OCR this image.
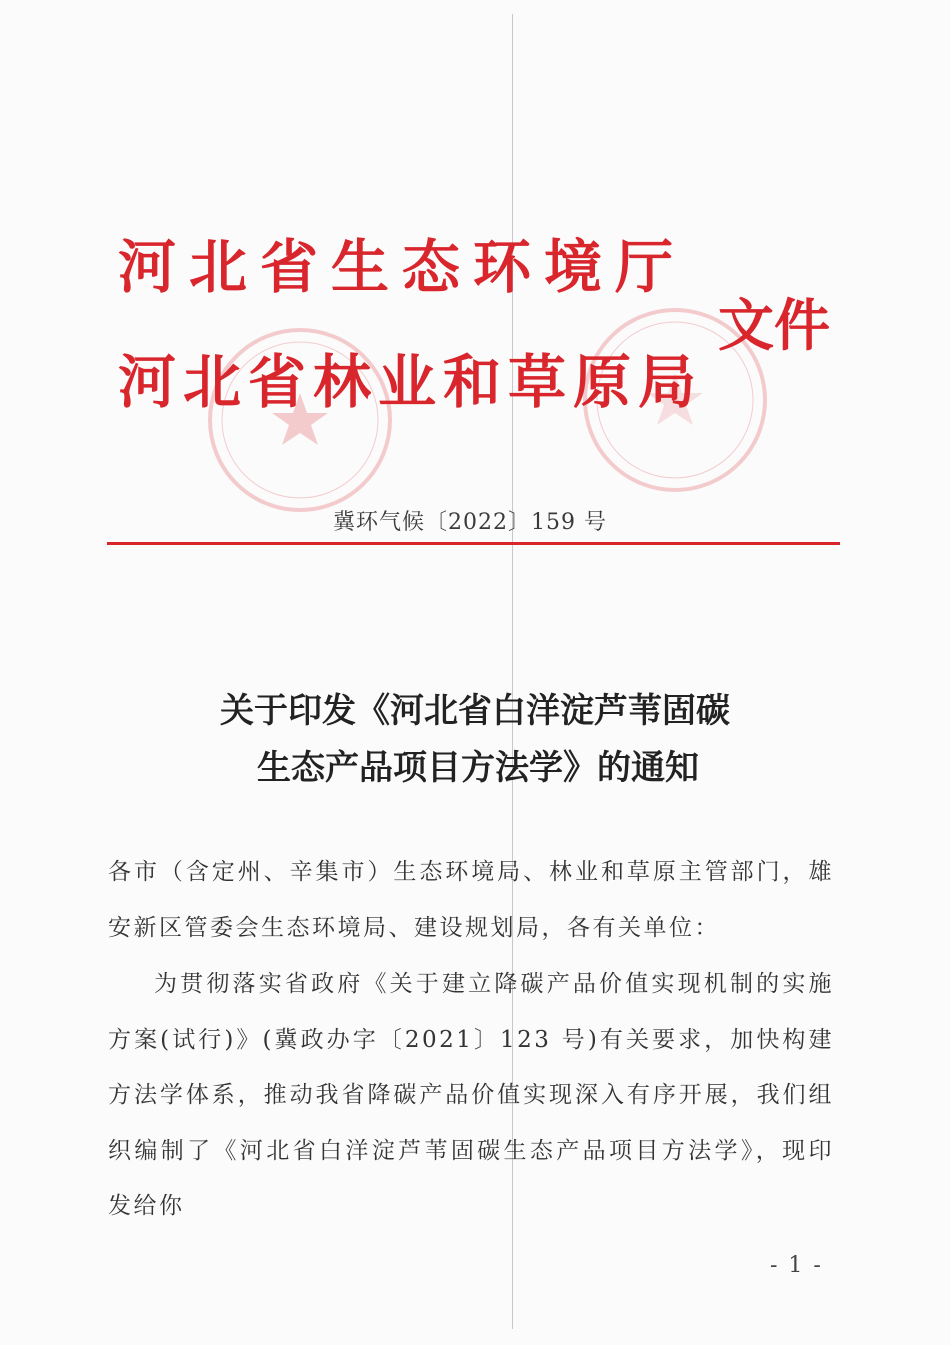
河北省生态环境厅
河北省林业和草原局
文件
冀环气候〔2022〕159 号
关于印发《河北省白洋淀芦苇固碳
生态产品项目方法学》的通知
各市（含定州、辛集市）生态环境局、林业和草原主管部门，雄安新区管委会生态环境局、建设规划局，各有关单位：
为贯彻落实省政府《关于建立降碳产品价值实现机制的实施方案(试行)》(冀政办字〔2021〕123 号)有关要求，加快构建方法学体系，推动我省降碳产品价值实现深入有序开展，我们组织编制了《河北省白洋淀芦苇固碳生态产品项目方法学》，现印发给你
- 1 -
